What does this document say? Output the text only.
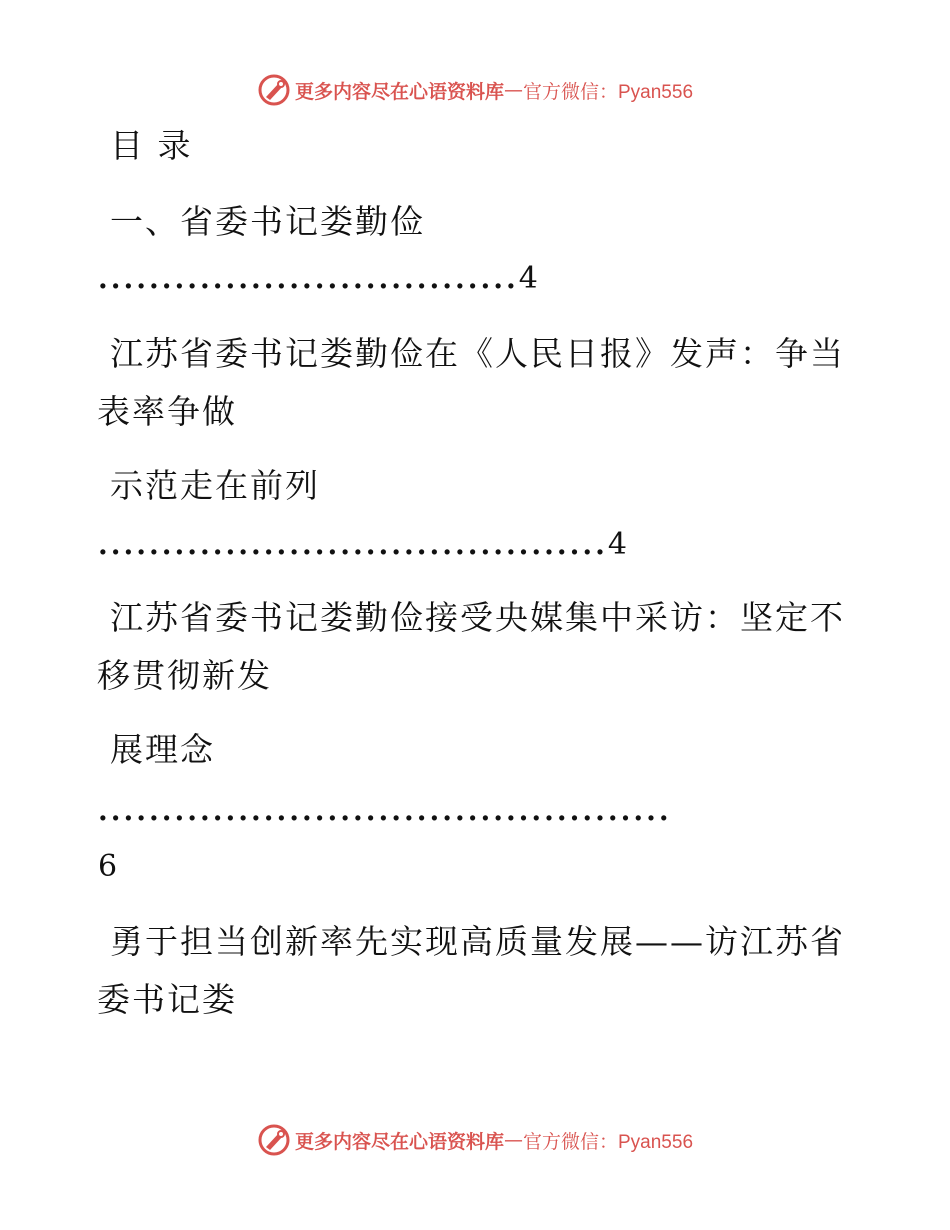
更多内容尽在心语资料库 — 官方微信：Pyan556
目 录
一、省委书记娄勤俭
.................................4
江苏省委书记娄勤俭在《人民日报》发声：争当
表率争做
示范走在前列
........................................4
江苏省委书记娄勤俭接受央媒集中采访：坚定不
移贯彻新发
展理念
.............................................
6
勇于担当创新率先实现高质量发展——访江苏省
委书记娄
更多内容尽在心语资料库 — 官方微信：Pyan556
